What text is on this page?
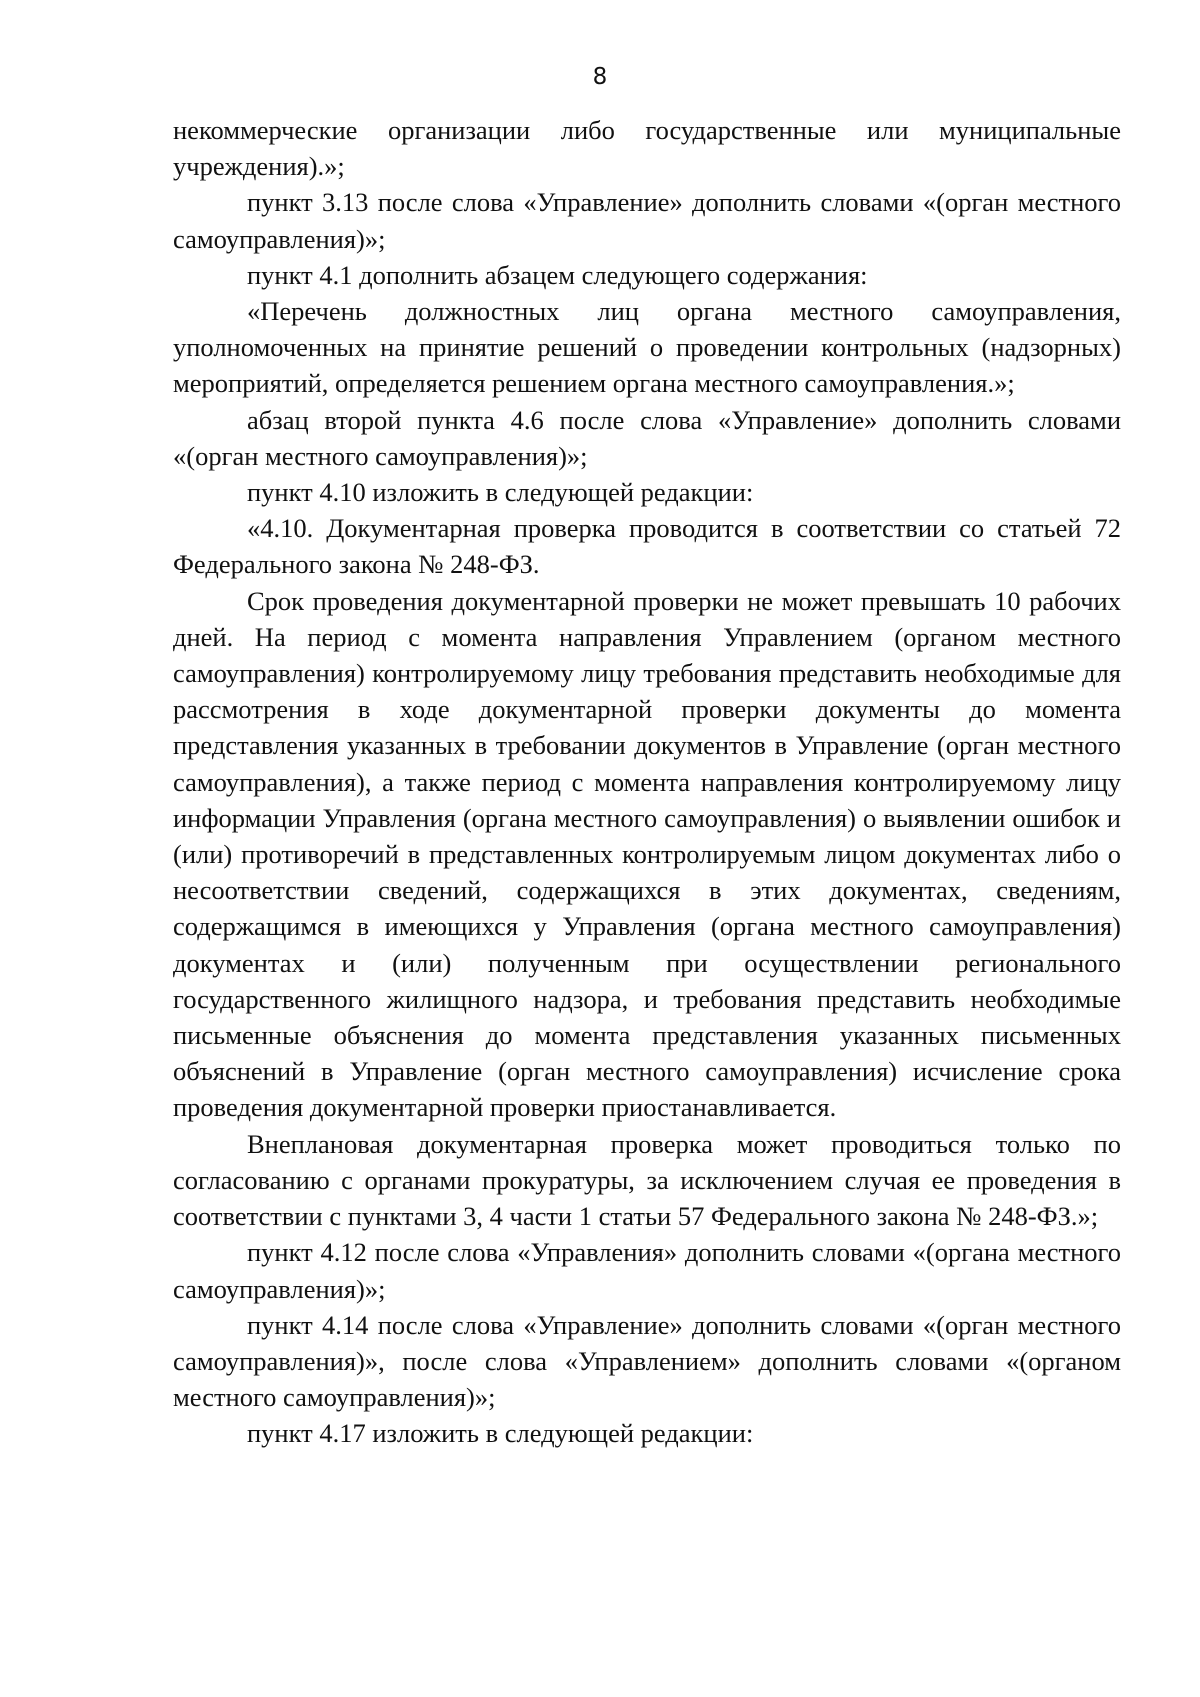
8

некоммерческие организации либо государственные или муниципальные учреждения).»;

пункт 3.13 после слова «Управление» дополнить словами «(орган местного самоуправления)»;

пункт 4.1 дополнить абзацем следующего содержания:

«Перечень должностных лиц органа местного самоуправления, уполномоченных на принятие решений о проведении контрольных (надзорных) мероприятий, определяется решением органа местного самоуправления.»;

абзац второй пункта 4.6 после слова «Управление» дополнить словами «(орган местного самоуправления)»;

пункт 4.10 изложить в следующей редакции:

«4.10. Документарная проверка проводится в соответствии со статьей 72 Федерального закона № 248-ФЗ.

Срок проведения документарной проверки не может превышать 10 рабочих дней. На период с момента направления Управлением (органом местного самоуправления) контролируемому лицу требования представить необходимые для рассмотрения в ходе документарной проверки документы до момента представления указанных в требовании документов в Управление (орган местного самоуправления), а также период с момента направления контролируемому лицу информации Управления (органа местного самоуправления) о выявлении ошибок и (или) противоречий в представленных контролируемым лицом документах либо о несоответствии сведений, содержащихся в этих документах, сведениям, содержащимся в имеющихся у Управления (органа местного самоуправления) документах и (или) полученным при осуществлении регионального государственного жилищного надзора, и требования представить необходимые письменные объяснения до момента представления указанных письменных объяснений в Управление (орган местного самоуправления) исчисление срока проведения документарной проверки приостанавливается.

Внеплановая документарная проверка может проводиться только по согласованию с органами прокуратуры, за исключением случая ее проведения в соответствии с пунктами 3, 4 части 1 статьи 57 Федерального закона № 248-ФЗ.»;

пункт 4.12 после слова «Управления» дополнить словами «(органа местного самоуправления)»;

пункт 4.14 после слова «Управление» дополнить словами «(орган местного самоуправления)», после слова «Управлением» дополнить словами «(органом местного самоуправления)»;

пункт 4.17 изложить в следующей редакции:
